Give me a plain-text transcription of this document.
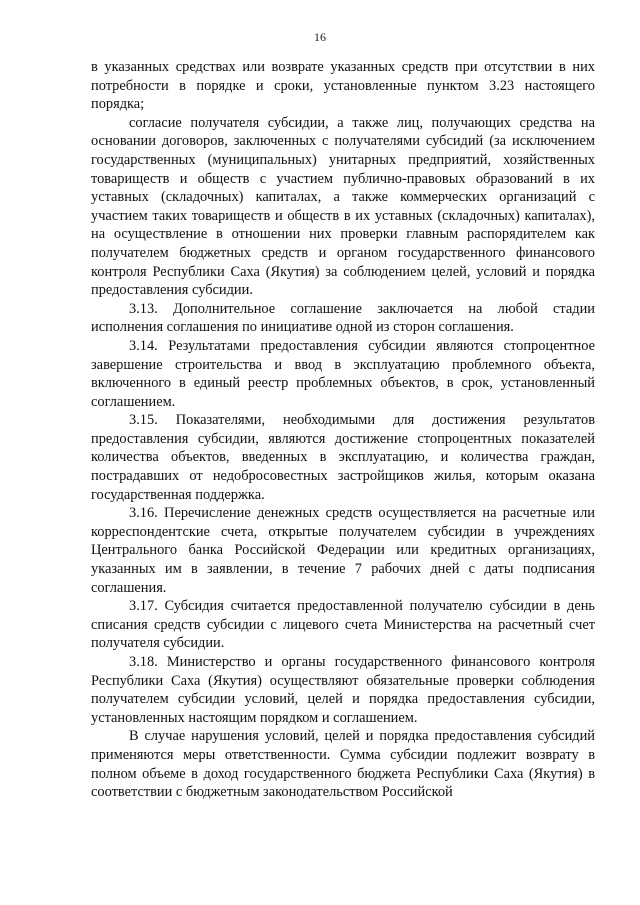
16

в указанных средствах или возврате указанных средств при отсутствии в них потребности в порядке и сроки, установленные пунктом 3.23 настоящего порядка;

согласие получателя субсидии, а также лиц, получающих средства на основании договоров, заключенных с получателями субсидий (за исключением государственных (муниципальных) унитарных предприятий, хозяйственных товариществ и обществ с участием публично-правовых образований в их уставных (складочных) капиталах, а также коммерческих организаций с участием таких товариществ и обществ в их уставных (складочных) капиталах), на осуществление в отношении них проверки главным распорядителем как получателем бюджетных средств и органом государственного финансового контроля Республики Саха (Якутия) за соблюдением целей, условий и порядка предоставления субсидии.

3.13. Дополнительное соглашение заключается на любой стадии исполнения соглашения по инициативе одной из сторон соглашения.

3.14. Результатами предоставления субсидии являются стопроцентное завершение строительства и ввод в эксплуатацию проблемного объекта, включенного в единый реестр проблемных объектов, в срок, установленный соглашением.

3.15. Показателями, необходимыми для достижения результатов предоставления субсидии, являются достижение стопроцентных показателей количества объектов, введенных в эксплуатацию, и количества граждан, пострадавших от недобросовестных застройщиков жилья, которым оказана государственная поддержка.

3.16. Перечисление денежных средств осуществляется на расчетные или корреспондентские счета, открытые получателем субсидии в учреждениях Центрального банка Российской Федерации или кредитных организациях, указанных им в заявлении, в течение 7 рабочих дней с даты подписания соглашения.

3.17. Субсидия считается предоставленной получателю субсидии в день списания средств субсидии с лицевого счета Министерства на расчетный счет получателя субсидии.

3.18. Министерство и органы государственного финансового контроля Республики Саха (Якутия) осуществляют обязательные проверки соблюдения получателем субсидии условий, целей и порядка предоставления субсидии, установленных настоящим порядком и соглашением.

В случае нарушения условий, целей и порядка предоставления субсидий применяются меры ответственности. Сумма субсидии подлежит возврату в полном объеме в доход государственного бюджета Республики Саха (Якутия) в соответствии с бюджетным законодательством Российской
